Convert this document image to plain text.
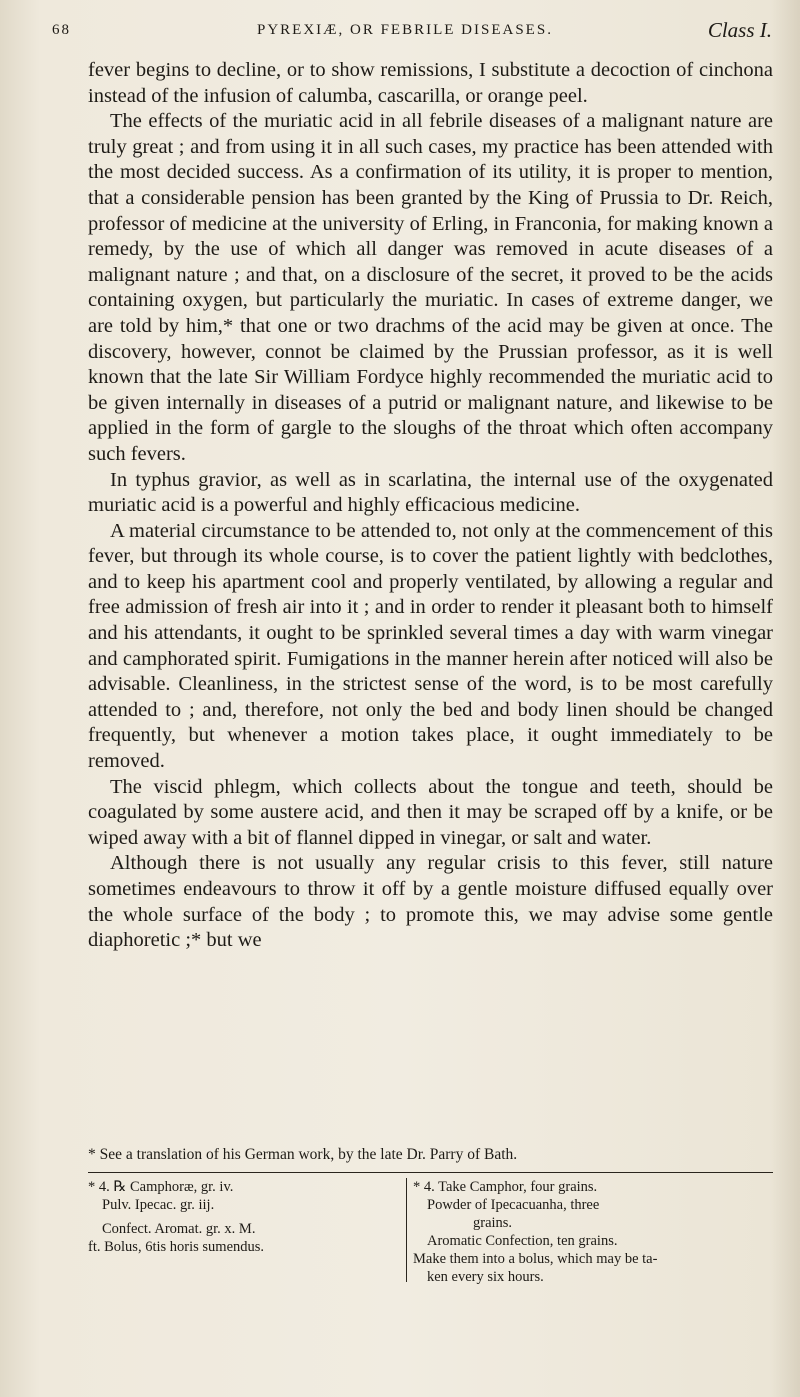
68	PYREXIÆ, OR FEBRILE DISEASES.	Class I.

fever begins to decline, or to show remissions, I substitute a decoction of cinchona instead of the infusion of calumba, cascarilla, or orange peel.

The effects of the muriatic acid in all febrile diseases of a malignant nature are truly great ; and from using it in all such cases, my practice has been attended with the most decided success. As a confirmation of its utility, it is proper to mention, that a considerable pension has been granted by the King of Prussia to Dr. Reich, professor of medicine at the university of Erling, in Franconia, for making known a remedy, by the use of which all danger was removed in acute diseases of a malignant nature ; and that, on a disclosure of the secret, it proved to be the acids containing oxygen, but particularly the muriatic. In cases of extreme danger, we are told by him,* that one or two drachms of the acid may be given at once. The discovery, however, connot be claimed by the Prussian professor, as it is well known that the late Sir William Fordyce highly recommended the muriatic acid to be given internally in diseases of a putrid or malignant nature, and likewise to be applied in the form of gargle to the sloughs of the throat which often accompany such fevers.

In typhus gravior, as well as in scarlatina, the internal use of the oxygenated muriatic acid is a powerful and highly efficacious medicine.

A material circumstance to be attended to, not only at the commencement of this fever, but through its whole course, is to cover the patient lightly with bedclothes, and to keep his apartment cool and properly ventilated, by allowing a regular and free admission of fresh air into it ; and in order to render it pleasant both to himself and his attendants, it ought to be sprinkled several times a day with warm vinegar and camphorated spirit. Fumigations in the manner herein after noticed will also be advisable. Cleanliness, in the strictest sense of the word, is to be most carefully attended to ; and, therefore, not only the bed and body linen should be changed frequently, but whenever a motion takes place, it ought immediately to be removed.

The viscid phlegm, which collects about the tongue and teeth, should be coagulated by some austere acid, and then it may be scraped off by a knife, or be wiped away with a bit of flannel dipped in vinegar, or salt and water.

Although there is not usually any regular crisis to this fever, still nature sometimes endeavours to throw it off by a gentle moisture diffused equally over the whole surface of the body ; to promote this, we may advise some gentle diaphoretic ;* but we

* See a translation of his German work, by the late Dr. Parry of Bath.
* 4. ℞ Camphoræ, gr. iv.
Pulv. Ipecac. gr. iij.
Confect. Aromat. gr. x. M.
ft. Bolus, 6tis horis sumendus.
* 4. Take Camphor, four grains.
Powder of Ipecacuanha, three
grains.
Aromatic Confection, ten grains.
Make them into a bolus, which may be ta-
ken every six hours.
